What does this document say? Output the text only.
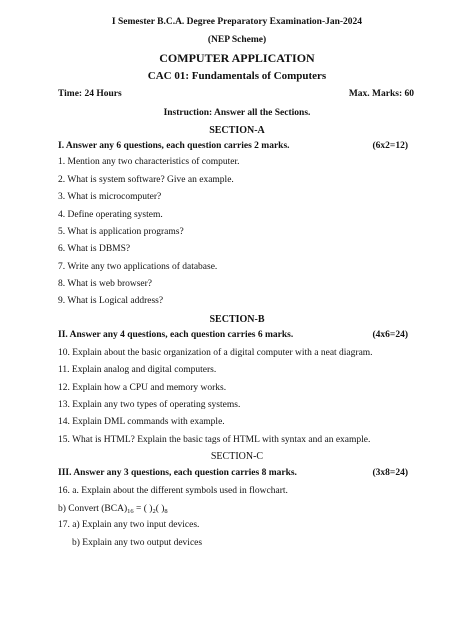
I Semester B.C.A. Degree Preparatory Examination-Jan-2024
(NEP Scheme)
COMPUTER APPLICATION
CAC 01: Fundamentals of Computers
Time: 24 Hours	Max. Marks: 60
Instruction: Answer all the Sections.
SECTION-A
I. Answer any 6 questions, each question carries 2 marks.	(6x2=12)
1. Mention any two characteristics of computer.
2. What is system software? Give an example.
3. What is microcomputer?
4. Define operating system.
5. What is application programs?
6. What is DBMS?
7. Write any two applications of database.
8. What is web browser?
9. What is Logical address?
SECTION-B
II. Answer any 4 questions, each question carries 6 marks.	(4x6=24)
10. Explain about the basic organization of a digital computer with a neat diagram.
11. Explain analog and digital computers.
12. Explain how a CPU and memory works.
13. Explain any two types of operating systems.
14. Explain DML commands with example.
15. What is HTML? Explain the basic tags of HTML with syntax and an example.
SECTION-C
III. Answer any 3 questions, each question carries 8 marks.	(3x8=24)
16. a. Explain about the different symbols used in flowchart.
b) Convert $(BCA)_{16}$ = ( )$_2$( )$_8$
17. a) Explain any two input devices.
b) Explain any two output devices
